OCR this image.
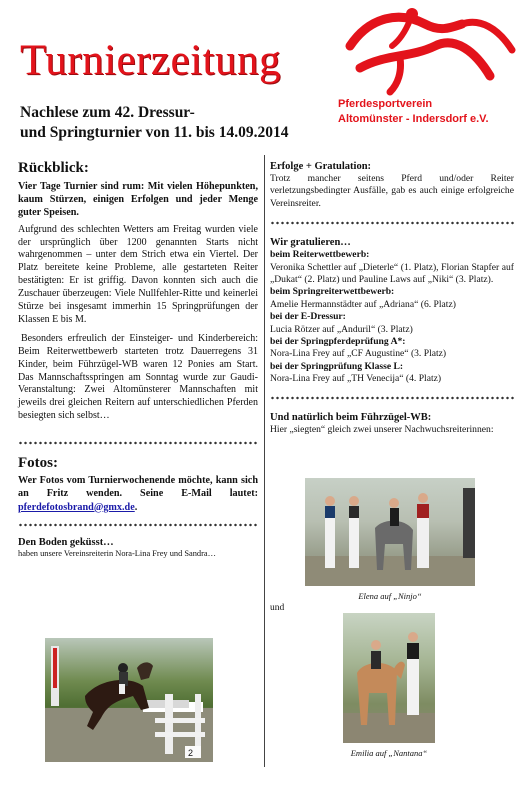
Turnierzeitung
Pferdesportverein
Altomünster - Indersdorf e.V.
Nachlese zum 42. Dressur-
und Springturnier von 11. bis 14.09.2014
Rückblick:
Vier Tage Turnier sind rum: Mit vielen Höhepunkten, kaum Stürzen, einigen Erfolgen und jeder Menge guter Speisen.
Aufgrund des schlechten Wetters am Freitag wurden viele der ursprünglich über 1200 genannten Starts nicht wahrgenommen – unter dem Strich etwa ein Viertel. Der Platz bereitete keine Probleme, alle gestarteten Reiter bestätigten: Er ist griffig. Davon konnten sich auch die Zuschauer überzeugen: Viele Nullfehler-Ritte und keinerlei Stürze bei insgesamt immerhin 15 Springprüfungen der Klassen E bis M.
Besonders erfreulich der Einsteiger- und Kinderbereich: Beim Reiterwettbewerb starteten trotz Dauerregens 31 Kinder, beim Führzügel-WB waren 12 Ponies am Start. Das Mannschaftsspringen am Sonntag wurde zur Gaudi-Veranstaltung: Zwei Altomünsterer Mannschaften mit jeweils drei gleichen Reitern auf unterschiedlichen Pferden besiegten sich selbst…
Fotos:
Wer Fotos vom Turnierwochenende möchte, kann sich an Fritz wenden. Seine E-Mail lautet: pferdefotosbrand@gmx.de.
Den Boden geküsst…
haben unsere Vereinsreiterin Nora-Lina Frey und Sandra…
2
Erfolge + Gratulation:
Trotz mancher seitens Pferd und/oder Reiter verletzungsbedingter Ausfälle, gab es auch einige erfolgreiche Vereinsreiter.
Wir gratulieren…
beim Reiterwettbewerb:
Veronika Schettler auf „Dieterle“ (1. Platz), Florian Stapfer auf „Dukat“ (2. Platz) und Pauline Laws auf „Niki“ (3. Platz).
beim Springreiterwettbewerb:
Amelie Hermannstädter auf „Adriana“ (6. Platz)
bei der E-Dressur:
Lucia Rötzer auf „Anduril“ (3. Platz)
bei der Springpferdeprüfung A*:
Nora-Lina Frey auf „CF Augustine“ (3. Platz)
bei der Springprüfung Klasse L:
Nora-Lina Frey auf „TH Venecija“ (4. Platz)
Und natürlich beim Führzügel-WB:
Hier „siegten“ gleich zwei unserer Nachwuchsreiterinnen:
Elena auf „Ninjo“
und
Emilia auf „Nantana“
